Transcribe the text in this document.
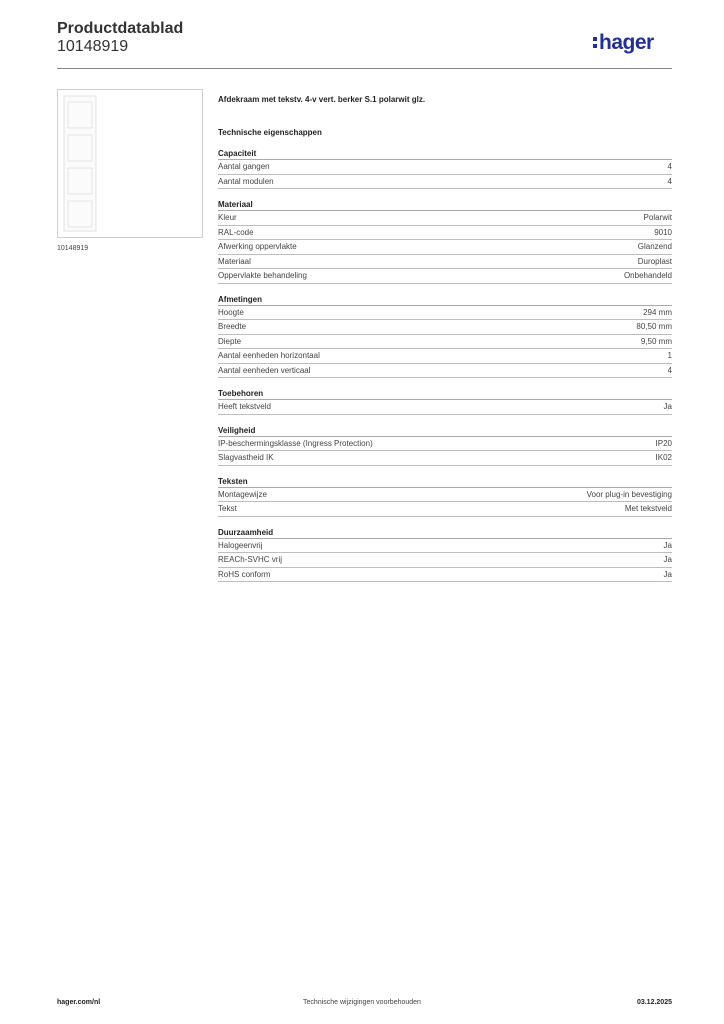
Productdatablad
10148919	hager
10148919
Afdekraam met tekstv. 4-v vert. berker S.1 polarwit glz.
Technische eigenschappen
Capaciteit
Aantal gangen	4
Aantal modulen	4
Materiaal
Kleur	Polarwit
RAL-code	9010
Afwerking oppervlakte	Glanzend
Materiaal	Duroplast
Oppervlakte behandeling	Onbehandeld
Afmetingen
Hoogte	294 mm
Breedte	80,50 mm
Diepte	9,50 mm
Aantal eenheden horizontaal	1
Aantal eenheden verticaal	4
Toebehoren
Heeft tekstveld	Ja
Veiligheid
IP-beschermingsklasse (Ingress Protection)	IP20
Slagvastheid IK	IK02
Teksten
Montagewijze	Voor plug-in bevestiging
Tekst	Met tekstveld
Duurzaamheid
Halogeenvrij	Ja
REACh-SVHC vrij	Ja
RoHS conform	Ja
hager.com/nl	Technische wijzigingen voorbehouden	03.12.2025
